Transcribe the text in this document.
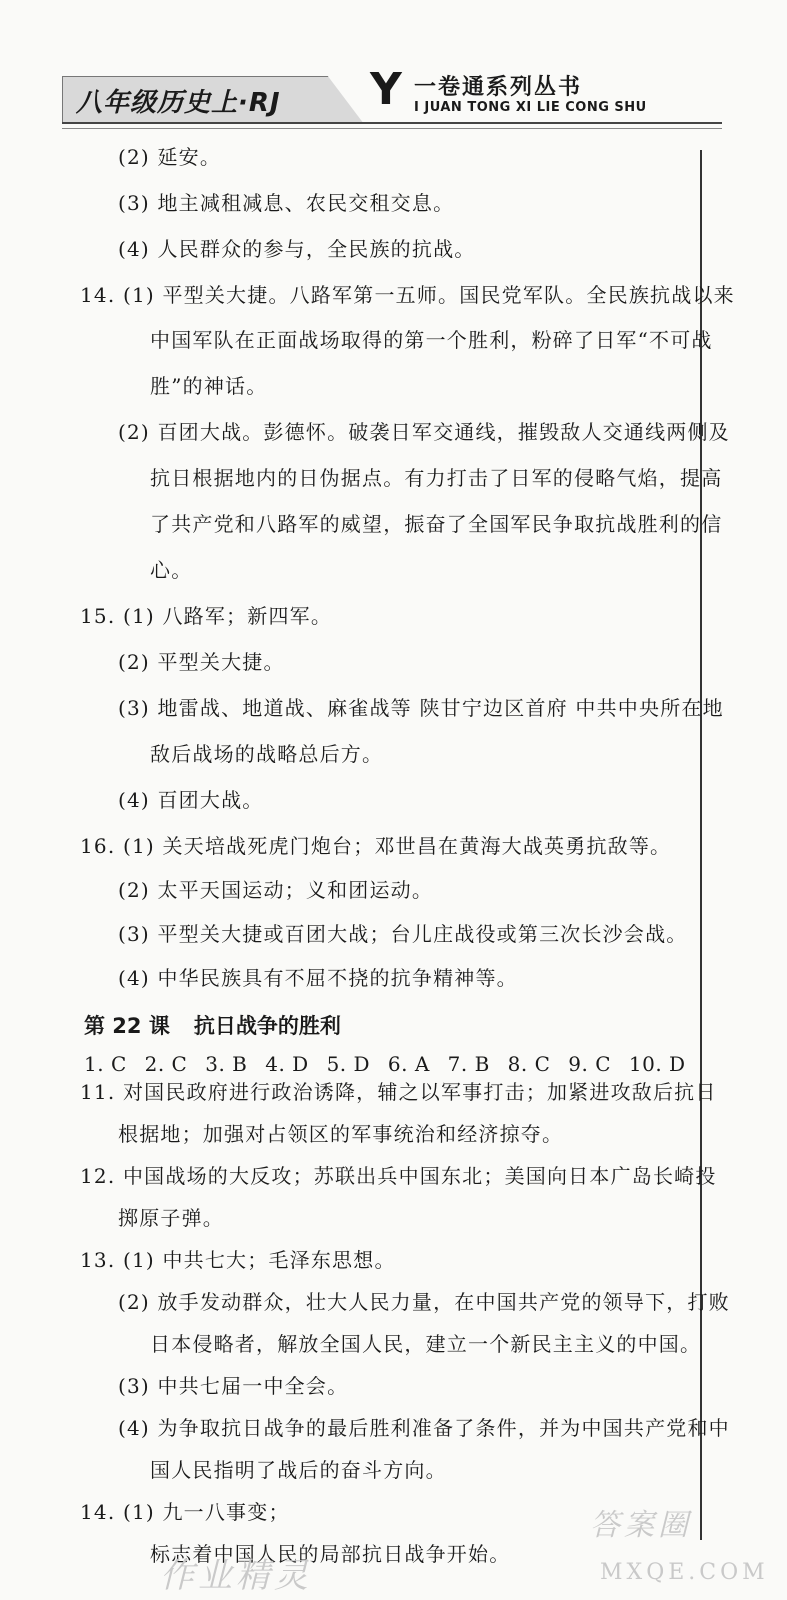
八年级历史上·RJ Y 一卷通系列丛书
I JUAN TONG XI LIE CONG SHU
(2) 延安。
(3) 地主减租减息、农民交租交息。
(4) 人民群众的参与，全民族的抗战。
14. (1) 平型关大捷。八路军第一五师。国民党军队。全民族抗战以来
中国军队在正面战场取得的第一个胜利，粉碎了日军“不可战
胜”的神话。
(2) 百团大战。彭德怀。破袭日军交通线，摧毁敌人交通线两侧及
抗日根据地内的日伪据点。有力打击了日军的侵略气焰，提高
了共产党和八路军的威望，振奋了全国军民争取抗战胜利的信
心。
15. (1) 八路军；新四军。
(2) 平型关大捷。
(3) 地雷战、地道战、麻雀战等 陕甘宁边区首府 中共中央所在地
敌后战场的战略总后方。
(4) 百团大战。
16. (1) 关天培战死虎门炮台；邓世昌在黄海大战英勇抗敌等。
11. 对国民政府进行政治诱降，辅之以军事打击；加紧进攻敌后抗日
根据地；加强对占领区的军事统治和经济掠夺。
12. 中国战场的大反攻；苏联出兵中国东北；美国向日本广岛长崎投
掷原子弹。
13. (1) 中共七大；毛泽东思想。
(2) 放手发动群众，壮大人民力量，在中国共产党的领导下，打败
日本侵略者，解放全国人民，建立一个新民主主义的中国。
(3) 中共七届一中全会。
(4) 为争取抗日战争的最后胜利准备了条件，并为中国共产党和中
国人民指明了战后的奋斗方向。
14. (1) 九一八事变；
标志着中国人民的局部抗日战争开始。
(2) 太平天国运动；义和团运动。
(3) 平型关大捷或百团大战；台儿庄战役或第三次长沙会战。
(4) 中华民族具有不屈不挠的抗争精神等。
第 22 课 抗日战争的胜利
1. C 2. C 3. B 4. D 5. D 6. A 7. B 8. C 9. C 10. D
作业精灵
答案圈
MXQE.COM
